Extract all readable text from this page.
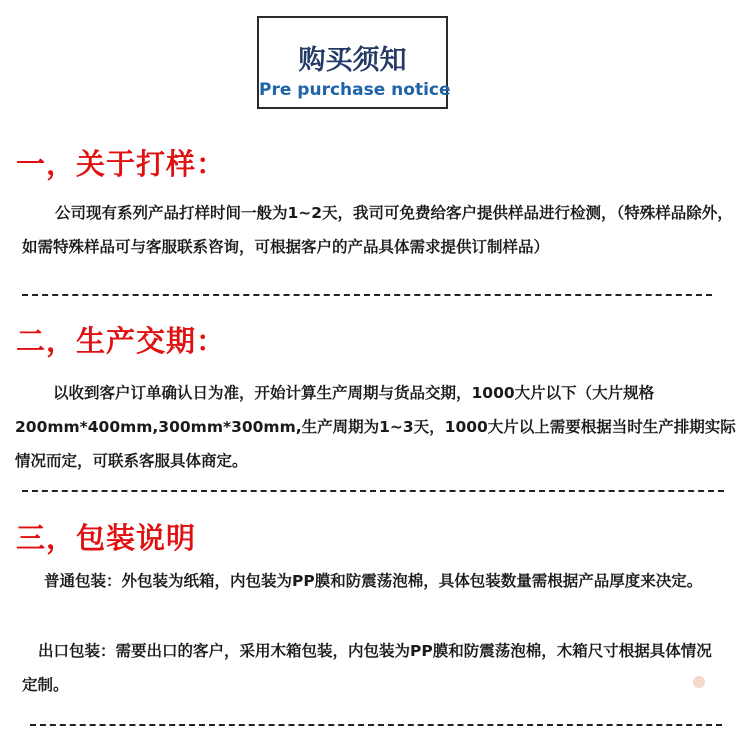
购买须知
Pre purchase notice
一，关于打样：

公司现有系列产品打样时间一般为1~2天，我司可免费给客户提供样品进行检测，（特殊样品除外，如需特殊样品可与客服联系咨询，可根据客户的产品具体需求提供订制样品）

二，生产交期：

以收到客户订单确认日为准，开始计算生产周期与货品交期，1000大片以下（大片规格200mm*400mm,300mm*300mm,生产周期为1~3天，1000大片以上需要根据当时生产排期实际情况而定，可联系客服具体商定。

三，包装说明

普通包装：外包装为纸箱，内包装为PP膜和防震荡泡棉，具体包装数量需根据产品厚度来决定。

出口包装：需要出口的客户，采用木箱包装，内包装为PP膜和防震荡泡棉，木箱尺寸根据具体情况定制。
